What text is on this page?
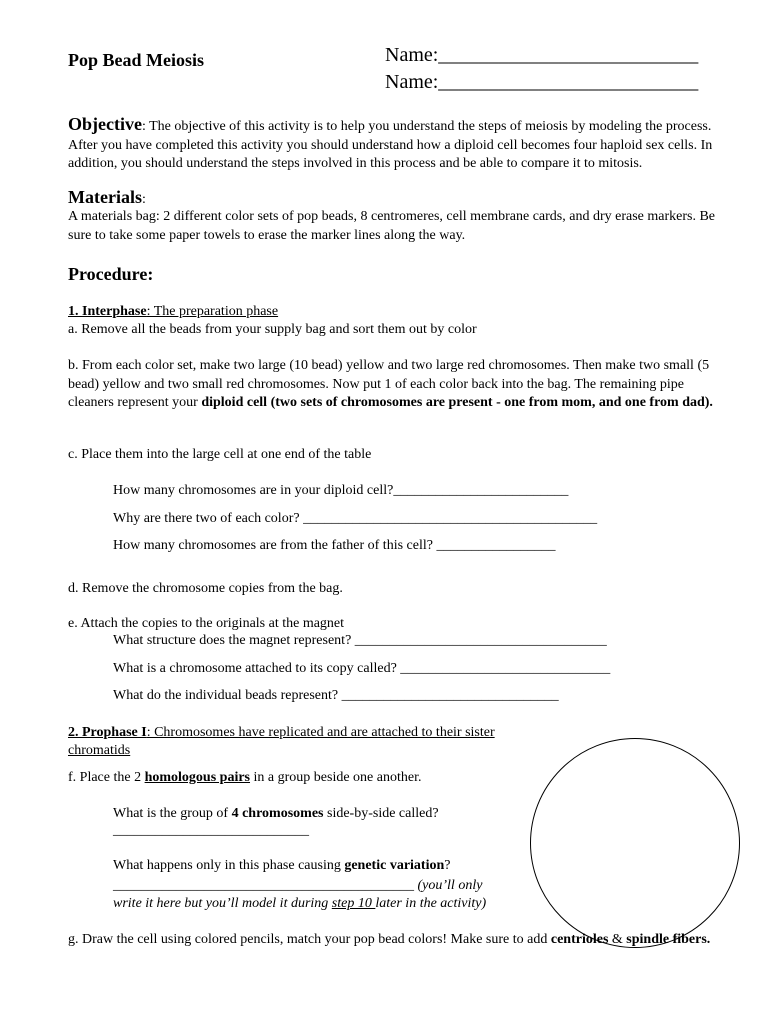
Pop Bead Meiosis	Name:__________________________
Name:__________________________
Objective: The objective of this activity is to help you understand the steps of meiosis by modeling the process. After you have completed this activity you should understand how a diploid cell becomes four haploid sex cells. In addition, you should understand the steps involved in this process and be able to compare it to mitosis.
Materials:
A materials bag: 2 different color sets of pop beads, 8 centromeres, cell membrane cards, and dry erase markers. Be sure to take some paper towels to erase the marker lines along the way.
Procedure:
1. Interphase: The preparation phase
a. Remove all the beads from your supply bag and sort them out by color
b. From each color set, make two large (10 bead) yellow and two large red chromosomes. Then make two small (5 bead) yellow and two small red chromosomes. Now put 1 of each color back into the bag. The remaining pipe cleaners represent your diploid cell (two sets of chromosomes are present - one from mom, and one from dad).
c. Place them into the large cell at one end of the table
How many chromosomes are in your diploid cell?_________________________
Why are there two of each color? __________________________________________
How many chromosomes are from the father of this cell? _________________
d. Remove the chromosome copies from the bag.
e. Attach the copies to the originals at the magnet
What structure does the magnet represent? ____________________________________
What is a chromosome attached to its copy called? ______________________________
What do the individual beads represent? _______________________________
2. Prophase I: Chromosomes have replicated and are attached to their sister
chromatids
f. Place the 2 homologous pairs in a group beside one another.
What is the group of 4 chromosomes side-by-side called?
____________________________
What happens only in this phase causing genetic variation?
___________________________________________ (you’ll only
write it here but you’ll model it during step 10 later in the activity)
g. Draw the cell using colored pencils, match your pop bead colors! Make sure to add centrioles & spindle fibers.
